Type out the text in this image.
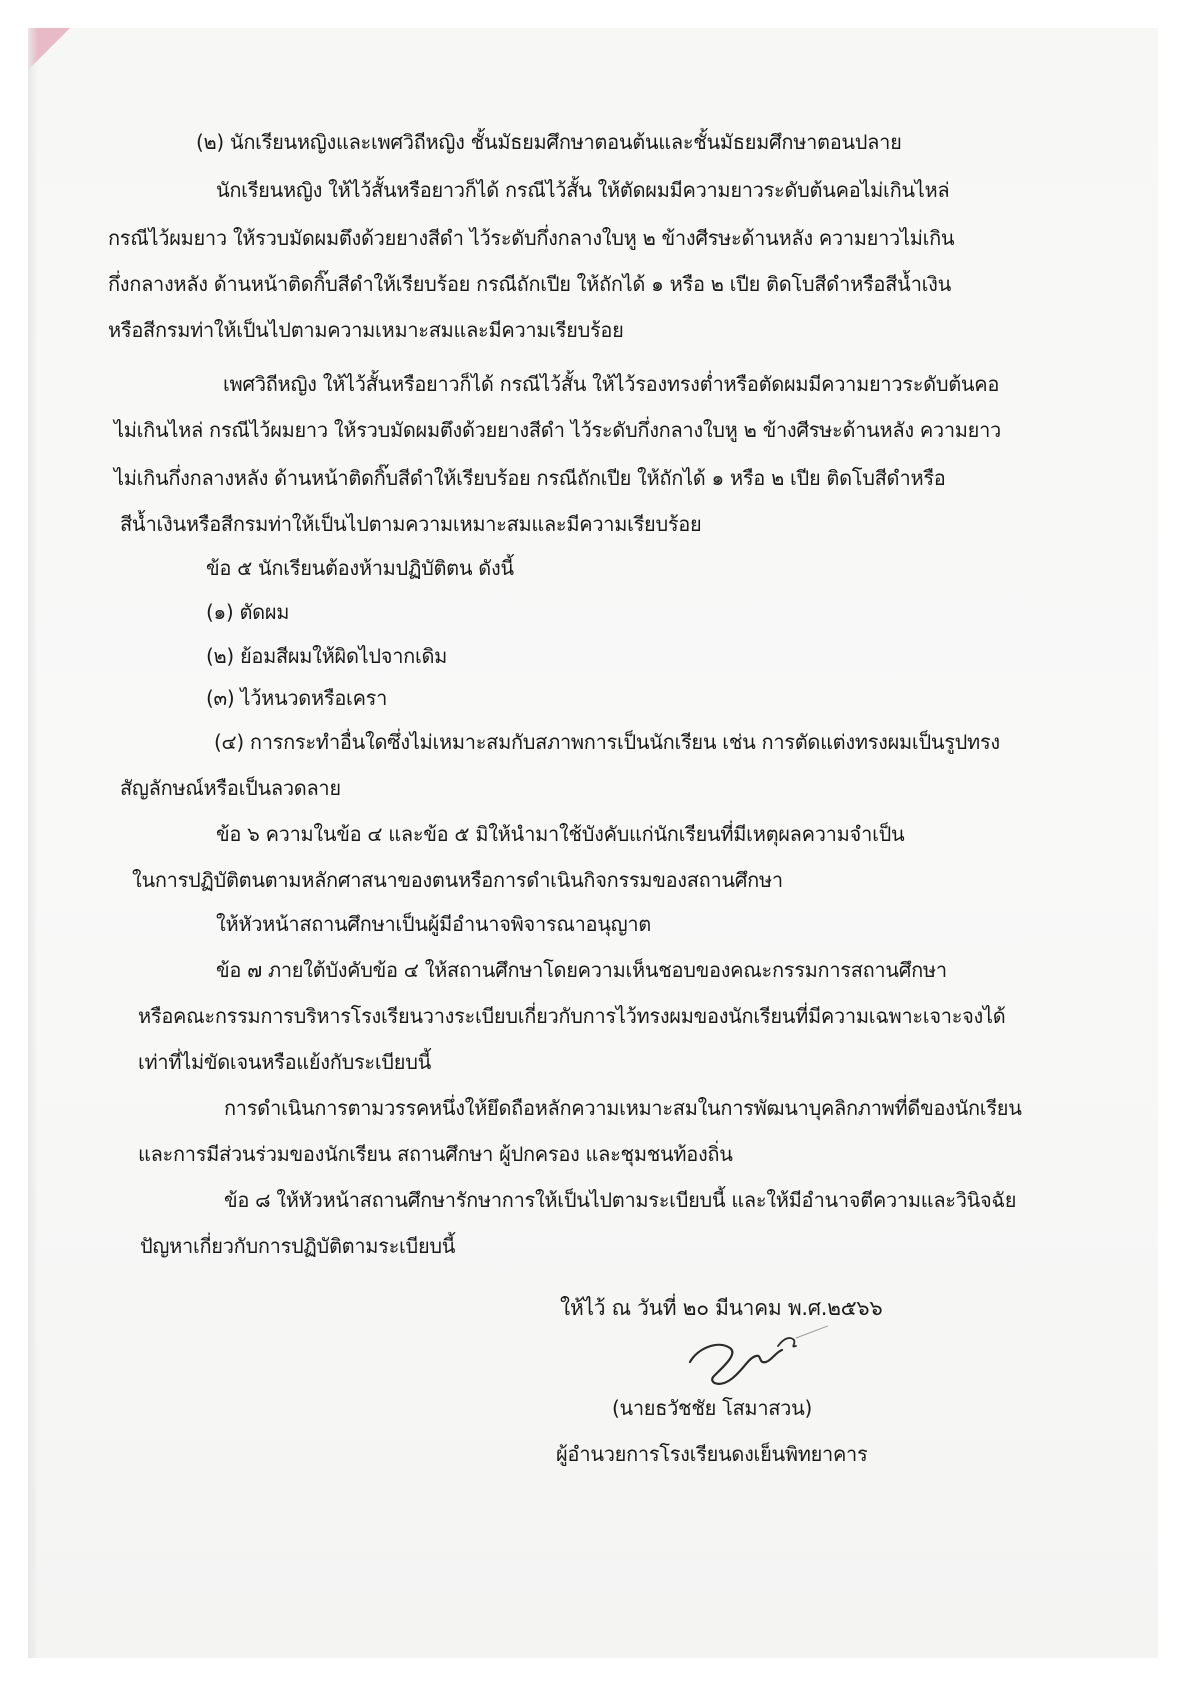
(๒) นักเรียนหญิงและเพศวิถีหญิง ชั้นมัธยมศึกษาตอนต้นและชั้นมัธยมศึกษาตอนปลาย
นักเรียนหญิง ให้ไว้สั้นหรือยาวก็ได้ กรณีไว้สั้น ให้ตัดผมมีความยาวระดับต้นคอไม่เกินไหล่
กรณีไว้ผมยาว ให้รวบมัดผมตึงด้วยยางสีดำ ไว้ระดับกึ่งกลางใบหู ๒ ข้างศีรษะด้านหลัง ความยาวไม่เกิน
กึ่งกลางหลัง ด้านหน้าติดกิ๊บสีดำให้เรียบร้อย กรณีถักเปีย ให้ถักได้ ๑ หรือ ๒ เปีย ติดโบสีดำหรือสีน้ำเงิน
หรือสีกรมท่าให้เป็นไปตามความเหมาะสมและมีความเรียบร้อย
เพศวิถีหญิง ให้ไว้สั้นหรือยาวก็ได้ กรณีไว้สั้น ให้ไว้รองทรงต่ำหรือตัดผมมีความยาวระดับต้นคอ
ไม่เกินไหล่ กรณีไว้ผมยาว ให้รวบมัดผมตึงด้วยยางสีดำ ไว้ระดับกึ่งกลางใบหู ๒ ข้างศีรษะด้านหลัง ความยาว
ไม่เกินกึ่งกลางหลัง ด้านหน้าติดกิ๊บสีดำให้เรียบร้อย กรณีถักเปีย ให้ถักได้ ๑ หรือ ๒ เปีย ติดโบสีดำหรือ
สีน้ำเงินหรือสีกรมท่าให้เป็นไปตามความเหมาะสมและมีความเรียบร้อย
ข้อ ๕ นักเรียนต้องห้ามปฏิบัติตน ดังนี้
(๑) ตัดผม
(๒) ย้อมสีผมให้ผิดไปจากเดิม
(๓) ไว้หนวดหรือเครา
(๔) การกระทำอื่นใดซึ่งไม่เหมาะสมกับสภาพการเป็นนักเรียน เช่น การตัดแต่งทรงผมเป็นรูปทรง
สัญลักษณ์หรือเป็นลวดลาย
ข้อ ๖ ความในข้อ ๔ และข้อ ๕ มิให้นำมาใช้บังคับแก่นักเรียนที่มีเหตุผลความจำเป็น
ในการปฏิบัติตนตามหลักศาสนาของตนหรือการดำเนินกิจกรรมของสถานศึกษา
ให้หัวหน้าสถานศึกษาเป็นผู้มีอำนาจพิจารณาอนุญาต
ข้อ ๗ ภายใต้บังคับข้อ ๔ ให้สถานศึกษาโดยความเห็นชอบของคณะกรรมการสถานศึกษา
หรือคณะกรรมการบริหารโรงเรียนวางระเบียบเกี่ยวกับการไว้ทรงผมของนักเรียนที่มีความเฉพาะเจาะจงได้
เท่าที่ไม่ขัดเจนหรือแย้งกับระเบียบนี้
การดำเนินการตามวรรคหนึ่งให้ยึดถือหลักความเหมาะสมในการพัฒนาบุคลิกภาพที่ดีของนักเรียน
และการมีส่วนร่วมของนักเรียน สถานศึกษา ผู้ปกครอง และชุมชนท้องถิ่น
ข้อ ๘ ให้หัวหน้าสถานศึกษารักษาการให้เป็นไปตามระเบียบนี้ และให้มีอำนาจตีความและวินิจฉัย
ปัญหาเกี่ยวกับการปฏิบัติตามระเบียบนี้
ให้ไว้ ณ วันที่ ๒๐ มีนาคม พ.ศ.๒๕๖๖
(นายธวัชชัย โสมาสวน)
ผู้อำนวยการโรงเรียนดงเย็นพิทยาคาร
